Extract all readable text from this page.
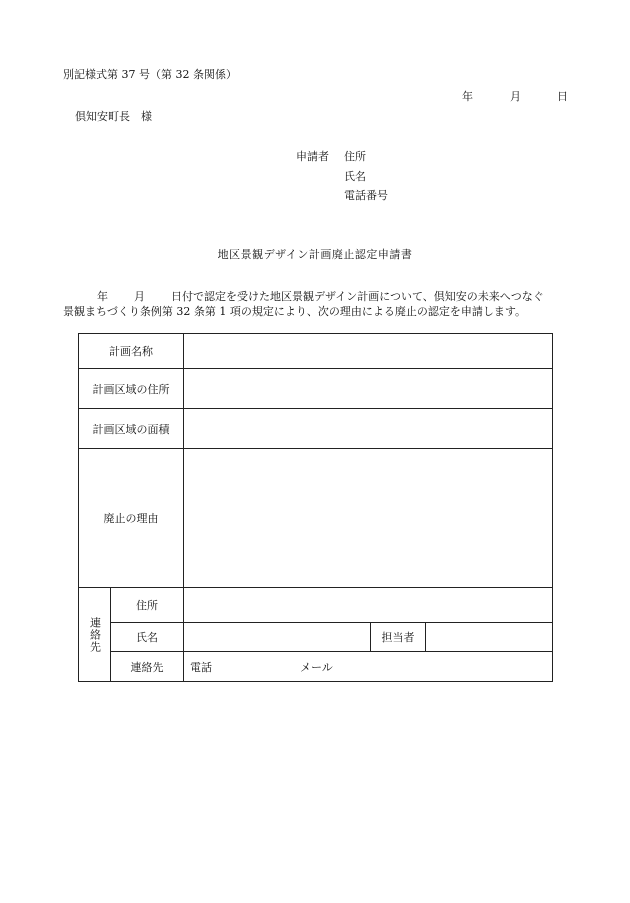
別記様式第 37 号（第 32 条関係）
年	月	日
倶知安町長　様
申請者 住所
氏名
電話番号
地区景観デザイン計画廃止認定申請書
年 月 日付で認定を受けた地区景観デザイン計画について、倶知安の未来へつなぐ
景観まちづくり条例第 32 条第 1 項の規定により、次の理由による廃止の認定を申請します。
計画名称				
計画区域の住所				
計画区域の面積				
廃止の理由				
連絡先	住所			
	氏名		担当者	
	連絡先	電話 メール		
